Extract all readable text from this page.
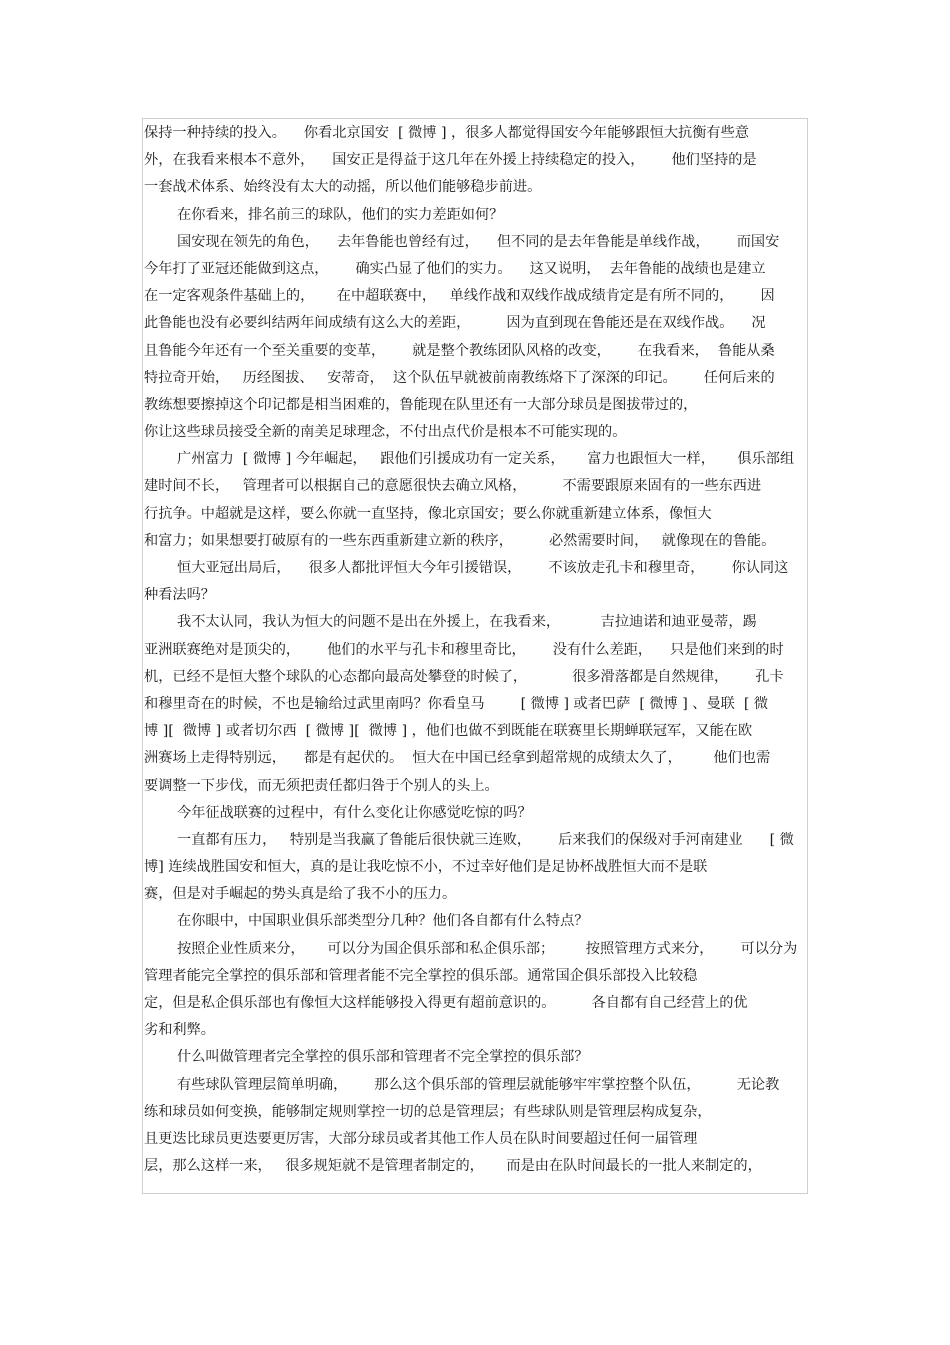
保持一种持续的投入。    你看北京国安  [ 微博 ] ，很多人都觉得国安今年能够跟恒大抗衡有些意
外，在我看来根本不意外，    国安正是得益于这几年在外援上持续稳定的投入，      他们坚持的是
一套战术体系、始终没有太大的动摇，所以他们能够稳步前进。
在你看来，排名前三的球队，他们的实力差距如何？
国安现在领先的角色，    去年鲁能也曾经有过，    但不同的是去年鲁能是单线作战，      而国安
今年打了亚冠还能做到这点，      确实凸显了他们的实力。    这又说明，  去年鲁能的战绩也是建立
在一定客观条件基础上的，     在中超联赛中，   单线作战和双线作战成绩肯定是有所不同的，      因
此鲁能也没有必要纠结两年间成绩有这么大的差距，        因为直到现在鲁能还是在双线作战。    况
且鲁能今年还有一个至关重要的变革，      就是整个教练团队风格的改变，      在我看来，  鲁能从桑
特拉奇开始，   历经图拔、   安蒂奇，  这个队伍早就被前南教练烙下了深深的印记。      任何后来的
教练想要擦掉这个印记都是相当困难的，鲁能现在队里还有一大部分球员是图拔带过的，
你让这些球员接受全新的南美足球理念，不付出点代价是根本不可能实现的。
广州富力  [ 微博 ] 今年崛起，   跟他们引援成功有一定关系，     富力也跟恒大一样，     俱乐部组
建时间不长，   管理者可以根据自己的意愿很快去确立风格，        不需要跟原来固有的一些东西进
行抗争。中超就是这样，要么你就一直坚持，像北京国安；要么你就重新建立体系，像恒大
和富力；如果想要打破原有的一些东西重新建立新的秩序，        必然需要时间，   就像现在的鲁能。
恒大亚冠出局后，    很多人都批评恒大今年引援错误，      不该放走孔卡和穆里奇，      你认同这
种看法吗？
我不太认同，我认为恒大的问题不是出在外援上，在我看来，         吉拉迪诺和迪亚曼蒂，踢
亚洲联赛绝对是顶尖的，      他们的水平与孔卡和穆里奇比，      没有什么差距，    只是他们来到的时
机，已经不是恒大整个球队的心态都向最高处攀登的时候了，          很多滑落都是自然规律，      孔卡
和穆里奇在的时候，不也是输给过武里南吗？你看皇马        [ 微博 ] 或者巴萨  [ 微博 ] 、曼联  [ 微
博 ][  微博 ] 或者切尔西  [ 微博 ][  微博 ] ，他们也做不到既能在联赛里长期蝉联冠军，又能在欧
洲赛场上走得特别远，    都是有起伏的。  恒大在中国已经拿到超常规的成绩太久了，       他们也需
要调整一下步伐，而无须把责任都归咎于个别人的头上。
今年征战联赛的过程中，有什么变化让你感觉吃惊的吗？
一直都有压力，   特别是当我赢了鲁能后很快就三连败，      后来我们的保级对手河南建业      [ 微
博] 连续战胜国安和恒大，真的是让我吃惊不小，不过幸好他们是足协杯战胜恒大而不是联
赛，但是对手崛起的势头真是给了我不小的压力。
在你眼中，中国职业俱乐部类型分几种？他们各自都有什么特点？
按照企业性质来分，     可以分为国企俱乐部和私企俱乐部；       按照管理方式来分，      可以分为
管理者能完全掌控的俱乐部和管理者能不完全掌控的俱乐部。通常国企俱乐部投入比较稳
定，但是私企俱乐部也有像恒大这样能够投入得更有超前意识的。        各自都有自己经营上的优
劣和利弊。
什么叫做管理者完全掌控的俱乐部和管理者不完全掌控的俱乐部？
有些球队管理层简单明确，      那么这个俱乐部的管理层就能够牢牢掌控整个队伍，        无论教
练和球员如何变换，能够制定规则掌控一切的总是管理层；有些球队则是管理层构成复杂，
且更迭比球员更迭要更厉害，大部分球员或者其他工作人员在队时间要超过任何一届管理
层，那么这样一来，   很多规矩就不是管理者制定的，     而是由在队时间最长的一批人来制定的，
